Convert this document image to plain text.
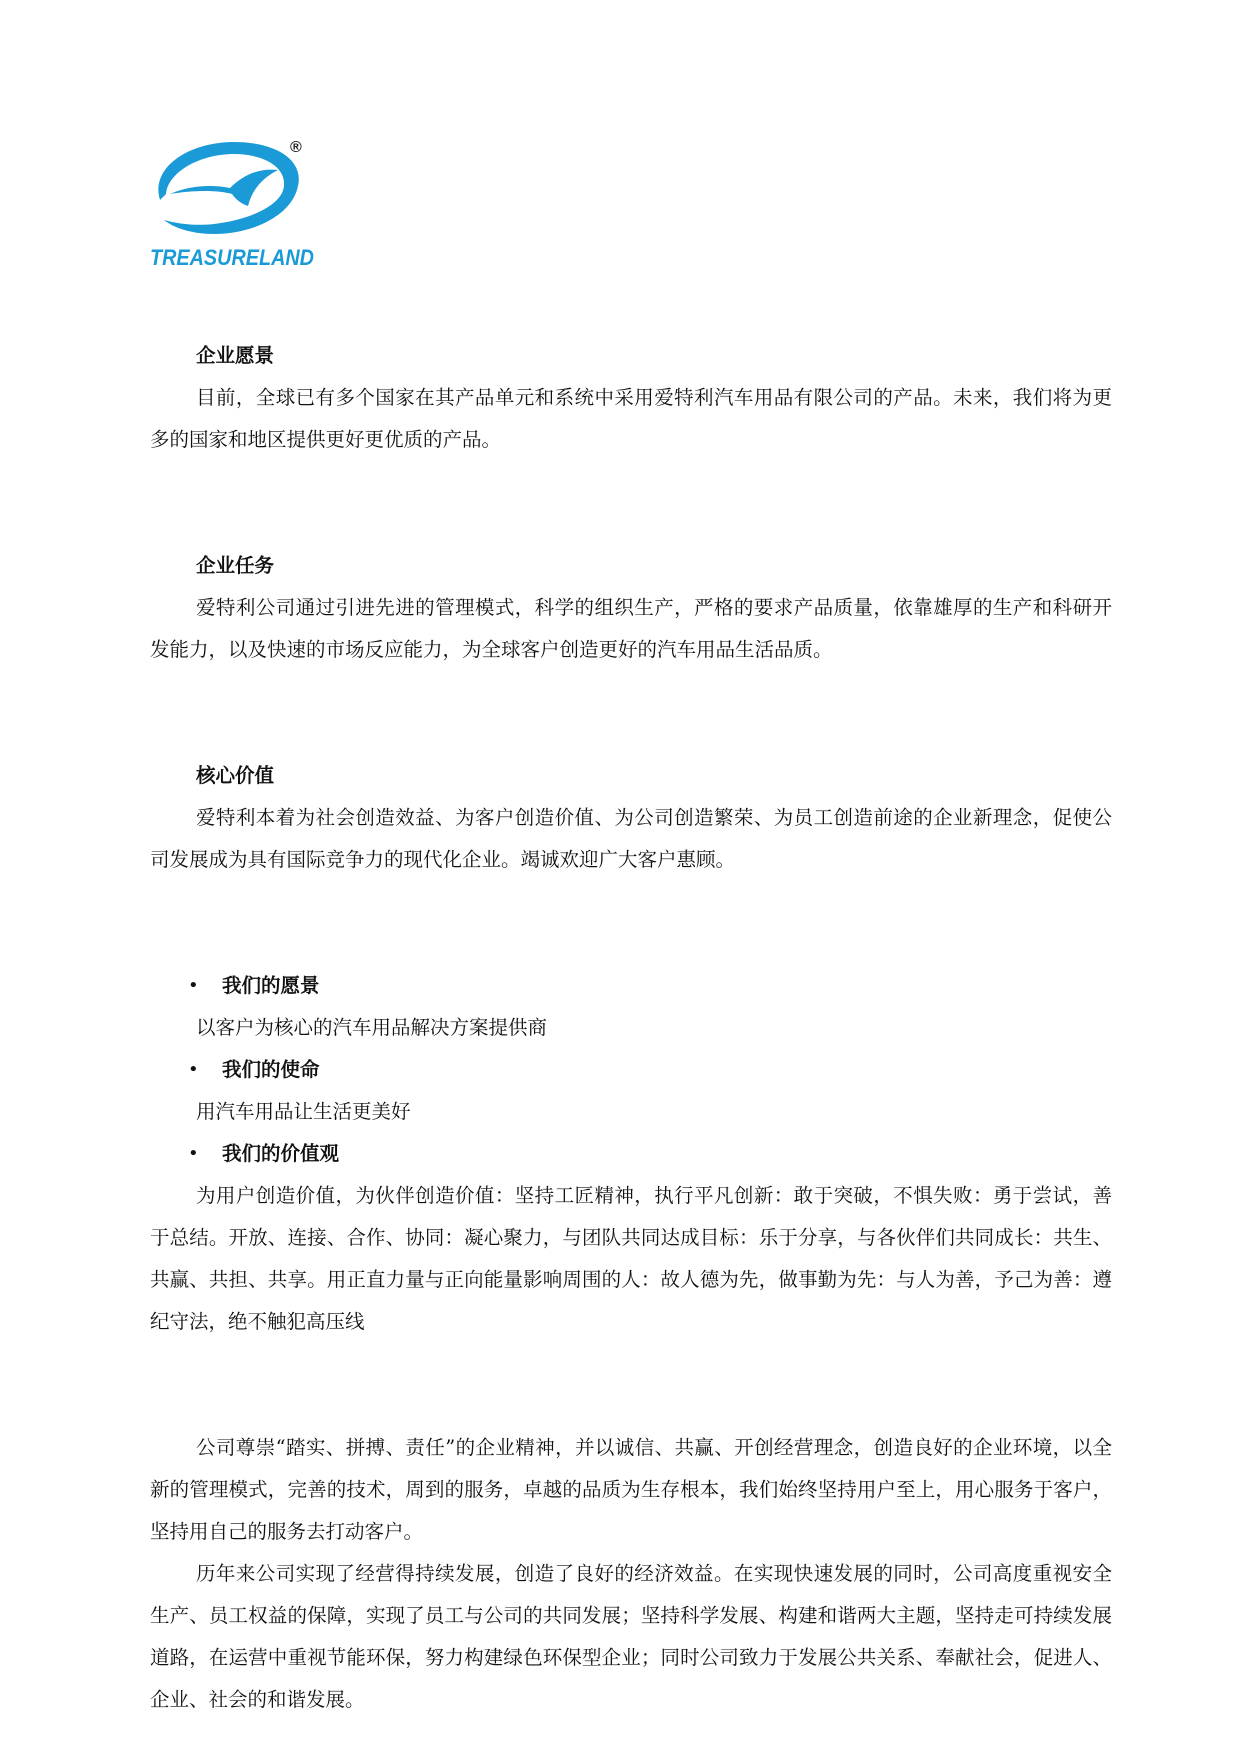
®
TREASURELAND

企业愿景

目前，全球已有多个国家在其产品单元和系统中采用爱特利汽车用品有限公司的产品。未来，我们将为更多的国家和地区提供更好更优质的产品。

企业任务

爱特利公司通过引进先进的管理模式，科学的组织生产，严格的要求产品质量，依靠雄厚的生产和科研开发能力，以及快速的市场反应能力，为全球客户创造更好的汽车用品生活品质。

核心价值

爱特利本着为社会创造效益、为客户创造价值、为公司创造繁荣、为员工创造前途的企业新理念，促使公司发展成为具有国际竞争力的现代化企业。竭诚欢迎广大客户惠顾。

•	我们的愿景

以客户为核心的汽车用品解决方案提供商

•	我们的使命

用汽车用品让生活更美好

•	我们的价值观

为用户创造价值，为伙伴创造价值：坚持工匠精神，执行平凡创新：敢于突破，不惧失败：勇于尝试，善于总结。开放、连接、合作、协同：凝心聚力，与团队共同达成目标：乐于分享，与各伙伴们共同成长：共生、共赢、共担、共享。用正直力量与正向能量影响周围的人：故人德为先，做事勤为先：与人为善，予己为善：遵纪守法，绝不触犯高压线

公司尊崇“踏实、拼搏、责任”的企业精神，并以诚信、共赢、开创经营理念，创造良好的企业环境，以全新的管理模式，完善的技术，周到的服务，卓越的品质为生存根本，我们始终坚持用户至上，用心服务于客户，坚持用自己的服务去打动客户。

历年来公司实现了经营得持续发展，创造了良好的经济效益。在实现快速发展的同时，公司高度重视安全生产、员工权益的保障，实现了员工与公司的共同发展；坚持科学发展、构建和谐两大主题，坚持走可持续发展道路，在运营中重视节能环保，努力构建绿色环保型企业；同时公司致力于发展公共关系、奉献社会，促进人、企业、社会的和谐发展。
